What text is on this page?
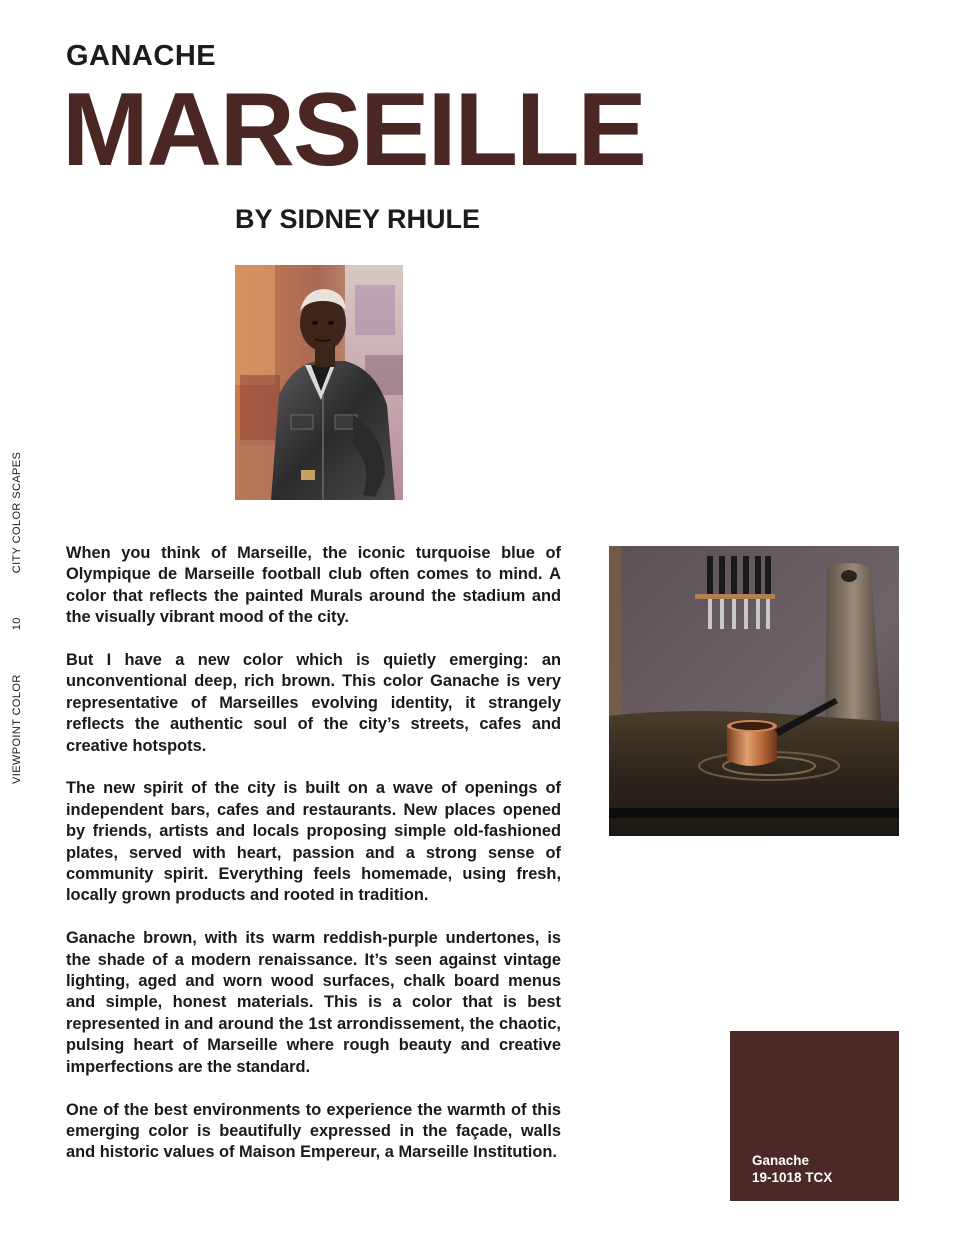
GANACHE
MARSEILLE
BY SIDNEY RHULE
VIEWPOINT COLOR
10
CITY COLOR SCAPES	When you think of Marseille, the iconic turquoise blue of Olympique de Marseille football club often comes to mind. A color that reflects the painted Murals around the stadium and the visually vibrant mood of the city.

But I have a new color which is quietly emerging: an unconventional deep, rich brown. This color Ganache is very representative of Marseilles evolving identity, it strangely reflects the authentic soul of the city’s streets, cafes and creative hotspots.

The new spirit of the city is built on a wave of openings of independent bars, cafes and restaurants. New places opened by friends, artists and locals proposing simple old-fashioned plates, served with heart, passion and a strong sense of community spirit. Everything feels homemade, using fresh, locally grown products and rooted in tradition.

Ganache brown, with its warm reddish-purple undertones, is the shade of a modern renaissance. It’s seen against vintage lighting, aged and worn wood surfaces, chalk board menus and simple, honest materials. This is a color that is best represented in and around the 1st arrondissement, the chaotic, pulsing heart of Marseille where rough beauty and creative imperfections are the standard.

One of the best environments to experience the warmth of this emerging color is beautifully expressed in the façade, walls and historic values of Maison Empereur, a Marseille Institution.	Ganache
19-1018 TCX
